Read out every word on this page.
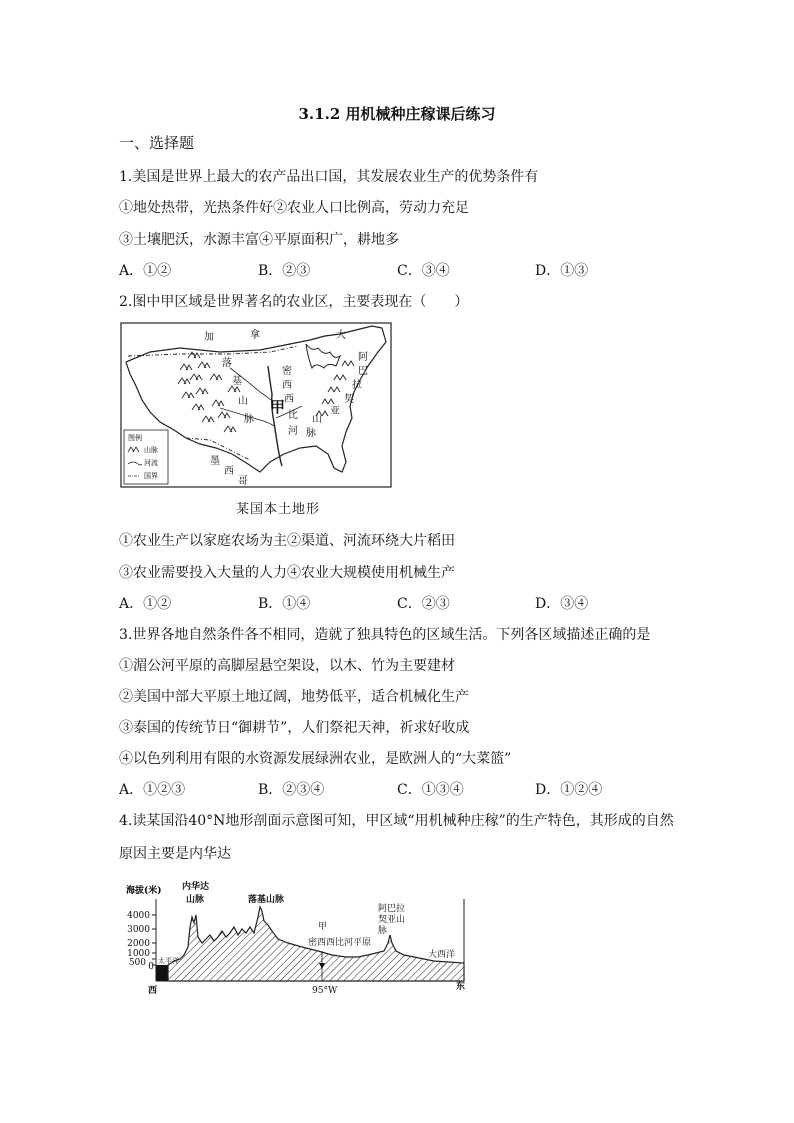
3.1.2 用机械种庄稼课后练习
一、选择题
1.美国是世界上最大的农产品出口国，其发展农业生产的优势条件有
①地处热带，光热条件好②农业人口比例高，劳动力充足
③土壤肥沃，水源丰富④平原面积广，耕地多
A．①②	B．②③	C．③④	D．①③
2.图中甲区域是世界著名的农业区，主要表现在（　　）
加	拿	大
落
基
山
脉
密
西
西
比
河
甲
阿
巴
拉
契
亚
山
脉
墨
西
哥
图例
山脉
河流
国界
某国本土地形
①农业生产以家庭农场为主②渠道、河流环绕大片稻田
③农业需要投入大量的人力④农业大规模使用机械生产
A．①②	B．①④	C．②③	D．③④
3.世界各地自然条件各不相同，造就了独具特色的区域生活。下列各区域描述正确的是
①湄公河平原的高脚屋悬空架设，以木、竹为主要建材
②美国中部大平原土地辽阔，地势低平，适合机械化生产
③泰国的传统节日“御耕节”，人们祭祀天神，祈求好收成
④以色列利用有限的水资源发展绿洲农业，是欧洲人的“大菜篮”
A．①②③	B．②③④	C．①③④	D．①②④
4.读某国沿40°N地形剖面示意图可知，甲区域“用机械种庄稼”的生产特色，其形成的自然
原因主要是内华达
4000
3000
2000
1000
500 0
海拔(米)
太平洋
内华达
山脉	落基山脉
甲
密西西比河平原
阿巴拉
契亚山
脉
大西洋
西	东
95°W
